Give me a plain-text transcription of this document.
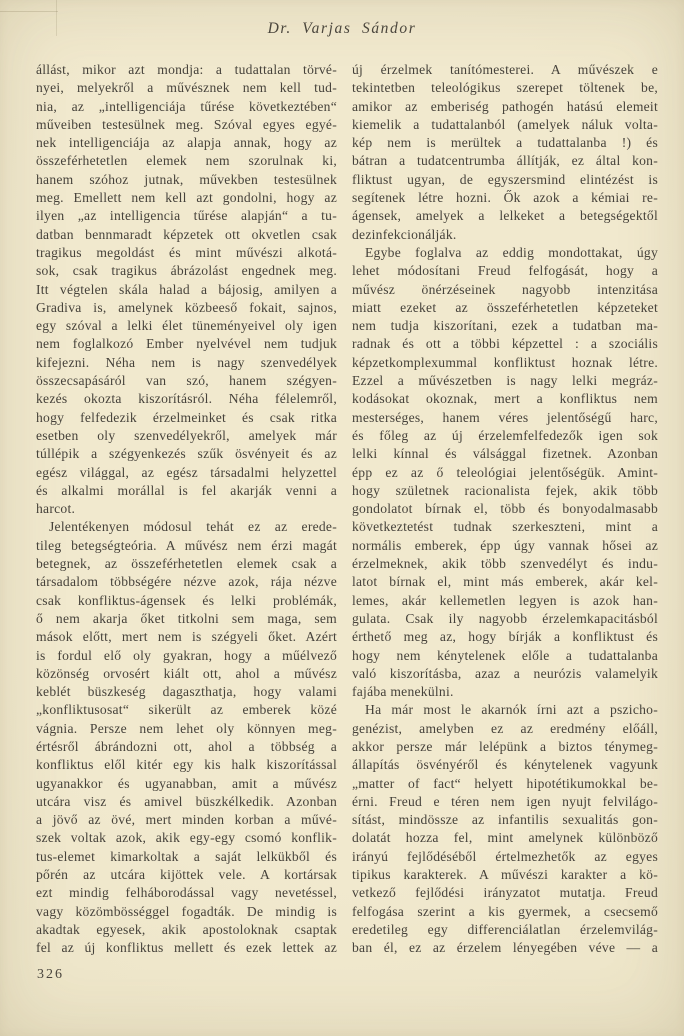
Dr. Varjas Sándor
állást, mikor azt mondja: a tudattalan törvé-
nyei, melyekről a művésznek nem kell tud-
nia, az „intelligenciája tűrése következtében“
műveiben testesülnek meg. Szóval egyes egyé-
nek intelligenciája az alapja annak, hogy az
összeférhetetlen elemek nem szorulnak ki,
hanem szóhoz jutnak, művekben testesülnek
meg. Emellett nem kell azt gondolni, hogy az
ilyen „az intelligencia tűrése alapján“ a tu-
datban bennmaradt képzetek ott okvetlen csak
tragikus megoldást és mint művészi alkotá-
sok, csak tragikus ábrázolást engednek meg.
Itt végtelen skála halad a bájosig, amilyen a
Gradiva is, amelynek közbeeső fokait, sajnos,
egy szóval a lelki élet tüneményeivel oly igen
nem foglalkozó Ember nyelvével nem tudjuk
kifejezni. Néha nem is nagy szenvedélyek
összecsapásáról van szó, hanem szégyen-
kezés okozta kiszorításról. Néha félelemről,
hogy felfedezik érzelmeinket és csak ritka
esetben oly szenvedélyekről, amelyek már
túllépik a szégyenkezés szűk ösvényeit és az
egész világgal, az egész társadalmi helyzettel
és alkalmi morállal is fel akarják venni a
harcot.
Jelentékenyen módosul tehát ez az erede-
tileg betegségteória. A művész nem érzi magát
betegnek, az összeférhetetlen elemek csak a
társadalom többségére nézve azok, rája nézve
csak konfliktus-ágensek és lelki problémák,
ő nem akarja őket titkolni sem maga, sem
mások előtt, mert nem is szégyeli őket. Azért
is fordul elő oly gyakran, hogy a műélvező
közönség orvosért kiált ott, ahol a művész
keblét büszkeség dagaszthatja, hogy valami
„konfliktusosat“ sikerült az emberek közé
vágnia. Persze nem lehet oly könnyen meg-
értésről ábrándozni ott, ahol a többség a
konfliktus elől kitér egy kis halk kiszorítással
ugyanakkor és ugyanabban, amit a művész
utcára visz és amivel büszkélkedik. Azonban
a jövő az övé, mert minden korban a művé-
szek voltak azok, akik egy-egy csomó konflik-
tus-elemet kimarkoltak a saját lelkükből és
pőrén az utcára kijöttek vele. A kortársak
ezt mindig felháborodással vagy nevetéssel,
vagy közömbösséggel fogadták. De mindig is
akadtak egyesek, akik apostoloknak csaptak
fel az új konfliktus mellett és ezek lettek az
új érzelmek tanítómesterei. A művészek e
tekintetben teleológikus szerepet töltenek be,
amikor az emberiség pathogén hatású elemeit
kiemelik a tudattalanból (amelyek náluk volta-
kép nem is merültek a tudattalanba !) és
bátran a tudatcentrumba állítják, ez által kon-
fliktust ugyan, de egyszersmind elintézést is
segítenek létre hozni. Ők azok a kémiai re-
ágensek, amelyek a lelkeket a betegségektől
dezinfekcionálják.
Egybe foglalva az eddig mondottakat, úgy
lehet módosítani Freud felfogását, hogy a
művész önérzéseinek nagyobb intenzitása
miatt ezeket az összeférhetetlen képzeteket
nem tudja kiszorítani, ezek a tudatban ma-
radnak és ott a többi képzettel : a szociális
képzetkomplexummal konfliktust hoznak létre.
Ezzel a művészetben is nagy lelki megráz-
kodásokat okoznak, mert a konfliktus nem
mesterséges, hanem véres jelentőségű harc,
és főleg az új érzelemfelfedezők igen sok
lelki kínnal és válsággal fizetnek. Azonban
épp ez az ő teleológiai jelentőségük. Amint-
hogy születnek racionalista fejek, akik több
gondolatot bírnak el, több és bonyodalmasabb
következtetést tudnak szerkeszteni, mint a
normális emberek, épp úgy vannak hősei az
érzelmeknek, akik több szenvedélyt és indu-
latot bírnak el, mint más emberek, akár kel-
lemes, akár kellemetlen legyen is azok han-
gulata. Csak ily nagyobb érzelemkapacitásból
érthető meg az, hogy bírják a konfliktust és
hogy nem kénytelenek előle a tudattalanba
való kiszorításba, azaz a neurózis valamelyik
fajába menekülni.
Ha már most le akarnók írni azt a pszicho-
genézist, amelyben ez az eredmény előáll,
akkor persze már lelépünk a biztos ténymeg-
állapítás ösvényéről és kénytelenek vagyunk
„matter of fact“ helyett hipotétikumokkal be-
érni. Freud e téren nem igen nyujt felvilágo-
sítást, mindössze az infantilis sexualitás gon-
dolatát hozza fel, mint amelynek különböző
irányú fejlődéséből értelmezhetők az egyes
tipikus karakterek. A művészi karakter a kö-
vetkező fejlődési irányzatot mutatja. Freud
felfogása szerint a kis gyermek, a csecsemő
eredetileg egy differenciálatlan érzelemvilág-
ban él, ez az érzelem lényegében véve — a
326
